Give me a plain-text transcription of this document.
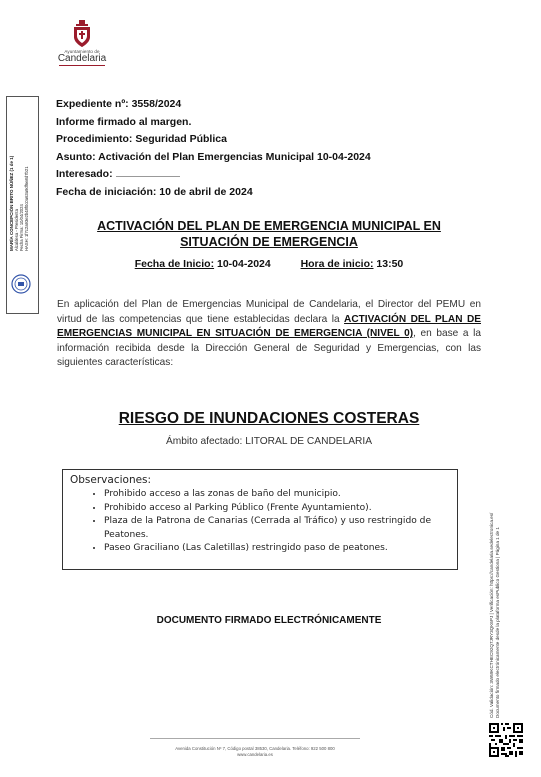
Ayuntamiento de
Candelaria
MARÍA CONCEPCIÓN BRITO NÚÑEZ (1 de 1)
Alcaldesa - Presidenta
Fecha Firma: 10/04/2024
HASH: 1f7c2a93e2b48f0c0a63a9df6e8d7b21
Expediente nº: 3558/2024
Informe firmado al margen.
Procedimiento: Seguridad Pública
Asunto: Activación del Plan Emergencias Municipal 10-04-2024
Interesado:
Fecha de iniciación: 10 de abril de 2024
ACTIVACIÓN DEL PLAN DE EMERGENCIA MUNICIPAL EN
SITUACIÓN DE EMERGENCIA
Fecha de Inicio: 10-04-2024	Hora de inicio: 13:50
En aplicación del Plan de Emergencias Municipal de Candelaria, el Director del PEMU en virtud de las competencias que tiene establecidas declara la ACTIVACIÓN DEL PLAN DE EMERGENCIAS MUNICIPAL EN SITUACIÓN DE EMERGENCIA (NIVEL 0), en base a la información recibida desde la Dirección General de Seguridad y Emergencias, con las siguientes características:
RIESGO DE INUNDACIONES COSTERAS
Ámbito afectado: LITORAL DE CANDELARIA
Observaciones:
• Prohibido acceso a las zonas de baño del municipio.
• Prohibido acceso al Parking Público (Frente Ayuntamiento).
• Plaza de la Patrona de Canarias (Cerrada al Tráfico) y uso restringido de Peatones.
• Paseo Graciliano (Las Caletillas) restringido paso de peatones.
DOCUMENTO FIRMADO ELECTRÓNICAMENTE	Cód. Validación: 3W69KCTHEC92Q7JRY3QK6PJ | Verificación: https://candelaria.sedelectronica.es/
Documento firmado electrónicamente desde la plataforma esPublico Gestiona | Página 1 de 1
Avenida Constitución Nº 7, Código postal 38530, Candelaria. Teléfono: 922 500 800
www.candelaria.es
